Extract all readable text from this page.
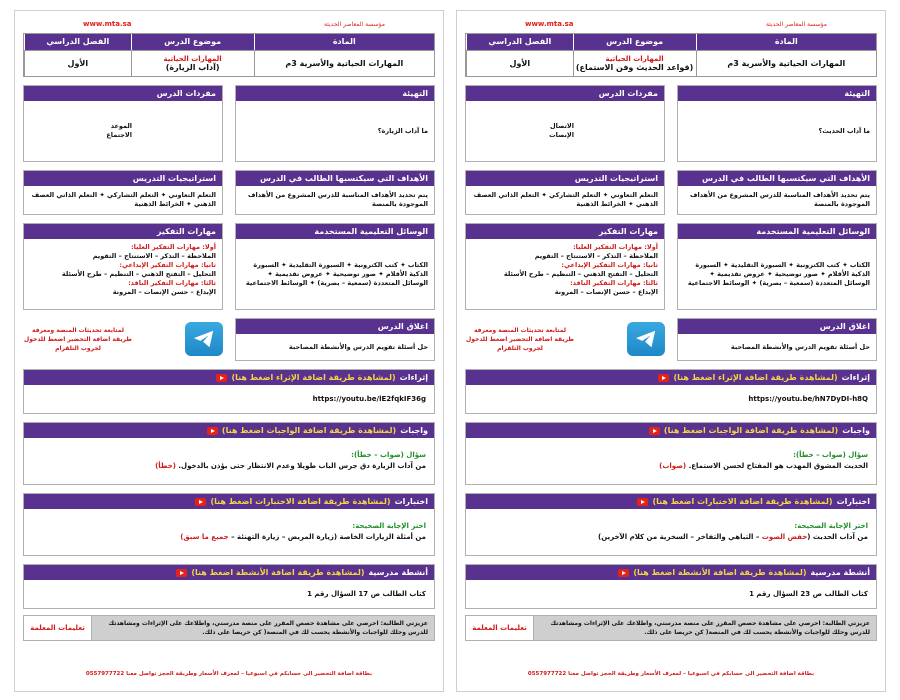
www.mta.sa	مؤسسة المعاصر الحديثة
المادة
موضوع الدرس
الفصل الدراسي
المهارات الحياتية والأسرية 3م
المهارات الحياتية
(آداب الزيارة)
الأول
التهيئة
ما آداب الزيارة؟
مفردات الدرس
الموعد
الاجتماع
الأهداف التي سيكتسبها الطالب في الدرس
يتم تحديد الأهداف المناسبة للدرس المشروع من الأهداف الموجودة بالمنصة
استراتيجيات التدريس
التعلم التعاوني ✦ التعلم التشاركي ✦ التعلم الذاتي العصف الذهني ✦ الخرائط الذهنية
الوسائل التعليمية المستخدمة
الكتاب ✦ كتب الكترونية ✦ السبورة التقليدية ✦ السبورة الذكية الأقلام ✦ صور توضيحية ✦ عروض تقديمية ✦ الوسائل المتعددة (سمعية – بصرية) ✦ الوسائط الاجتماعية
مهارات التفكير
أولا: مهارات التفكير العليا:
الملاحظة – التذكر – الاستنتاج – التقويم
ثانيا: مهارات التفكير الإبداعي:
التحليل – التفتح الذهني – التنظيم – طرح الأسئلة
ثالثا: مهارات التفكير الناقد:
الإبداع – حسن الإنصات – المرونة
اغلاق الدرس
حل أسئلة تقويم الدرس والأنشطة المصاحبة
لمتابعة تحديثات المنصة ومعرفة طريقة اضافة التحضير اضغط للدخول لجروب التلقرام
إثراءات
(لمشاهدة طريقة اضافة الإثراء اضغط هنا)
https://youtu.be/lE2fqkIF36g
واجبات
(لمشاهدة طريقة اضافة الواجبات اضغط هنا)
سؤال (صواب – خطأ):
من آداب الزيارة دق جرس الباب طويلا وعدم الانتظار حتى يؤذن بالدخول. (خطأ)
اختبارات
(لمشاهدة طريقة اضافة الاختبارات اضغط هنا)
اختر الإجابة الصحيحة:
من أمثلة الزيارات الخاصة (زيارة المريض – زيارة التهنئة – جميع ما سبق)
أنشطة مدرسية
(لمشاهدة طريقة اضافة الأنشطة اضغط هنا)
كتاب الطالب ص 17 السؤال رقم 1
عزيزتي الطالبة: احرصي على مشاهدة حصص المقرر على منصة مدرستي، واطلاعك على الإثراءات ومشاهدتك للدرس وحلك للواجبات والأنشطة يحسب لك في المنصة( كن حريصا على ذلك.
تعليمات المعلمة
بطاقة اضافة التحضير الى حسابكم في اسبوعيا – لمعرف الأسعار وطريقة الحجز تواصل معنا 0557977722
www.mta.sa	مؤسسة المعاصر الحديثة
المادة
موضوع الدرس
الفصل الدراسي
المهارات الحياتية والأسرية 3م
المهارات الحياتية
(قواعد الحديث وفن الاستماع)
الأول
التهيئة
ما آداب الحديث؟
مفردات الدرس
الاتصال
الإنصات
الأهداف التي سيكتسبها الطالب في الدرس
يتم تحديد الأهداف المناسبة للدرس المشروع من الأهداف الموجودة بالمنصة
استراتيجيات التدريس
التعلم التعاوني ✦ التعلم التشاركي ✦ التعلم الذاتي العصف الذهني ✦ الخرائط الذهنية
الوسائل التعليمية المستخدمة
الكتاب ✦ كتب الكترونية ✦ السبورة التقليدية ✦ السبورة الذكية الأقلام ✦ صور توضيحية ✦ عروض تقديمية ✦ الوسائل المتعددة (سمعية – بصرية) ✦ الوسائط الاجتماعية
مهارات التفكير
أولا: مهارات التفكير العليا:
الملاحظة – التذكر – الاستنتاج – التقويم
ثانيا: مهارات التفكير الإبداعي:
التحليل – التفتح الذهني – التنظيم – طرح الأسئلة
ثالثا: مهارات التفكير الناقد:
الإبداع – حسن الإنصات – المرونة
اغلاق الدرس
حل أسئلة تقويم الدرس والأنشطة المصاحبة
لمتابعة تحديثات المنصة ومعرفة طريقة اضافة التحضير اضغط للدخول لجروب التلقرام
إثراءات
(لمشاهدة طريقة اضافة الإثراء اضغط هنا)
https://youtu.be/hN7DyDI-h8Q
واجبات
(لمشاهدة طريقة اضافة الواجبات اضغط هنا)
سؤال (صواب – خطأ):
الحديث المشوق المهذب هو المفتاح لحسن الاستماع. (صواب)
اختبارات
(لمشاهدة طريقة اضافة الاختبارات اضغط هنا)
اختر الإجابة الصحيحة:
من آداب الحديث (خفض الصوت – التباهي والتفاخر – السخرية من كلام الآخرين)
أنشطة مدرسية
(لمشاهدة طريقة اضافة الأنشطة اضغط هنا)
كتاب الطالب ص 23 السؤال رقم 1
عزيزتي الطالبة: احرصي على مشاهدة حصص المقرر على منصة مدرستي، واطلاعك على الإثراءات ومشاهدتك للدرس وحلك للواجبات والأنشطة يحسب لك في المنصة( كن حريصا على ذلك.
تعليمات المعلمة
بطاقة اضافة التحضير الى حسابكم في اسبوعيا – لمعرف الأسعار وطريقة الحجز تواصل معنا 0557977722
